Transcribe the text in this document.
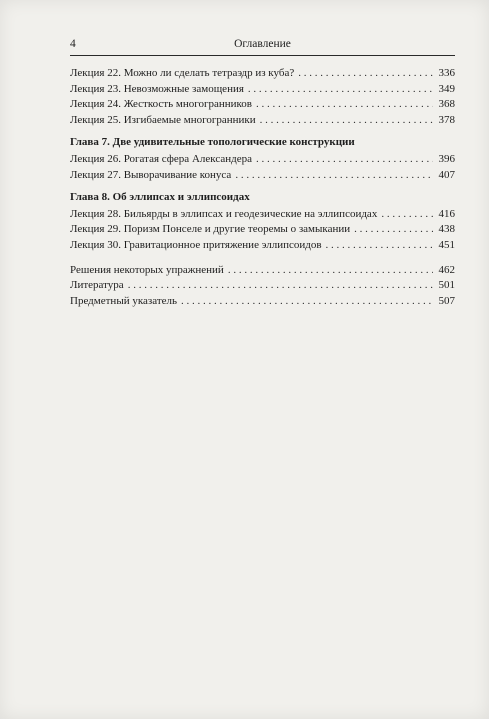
4	Оглавление
Лекция 22. Можно ли сделать тетраэдр из куба? . . .	336
Лекция 23. Невозможные замощения . . .	349
Лекция 24. Жесткость многогранников . . .	368
Лекция 25. Изгибаемые многогранники . . .	378
Глава 7. Две удивительные топологические конструкции
Лекция 26. Рогатая сфера Александера . . .	396
Лекция 27. Выворачивание конуса . . .	407
Глава 8. Об эллипсах и эллипсоидах
Лекция 28. Бильярды в эллипсах и геодезические на эллипсоидах . . .	416
Лекция 29. Поризм Понселе и другие теоремы о замыкании . . .	438
Лекция 30. Гравитационное притяжение эллипсоидов . . .	451
Решения некоторых упражнений . . .	462
Литература . . .	501
Предметный указатель . . .	507
